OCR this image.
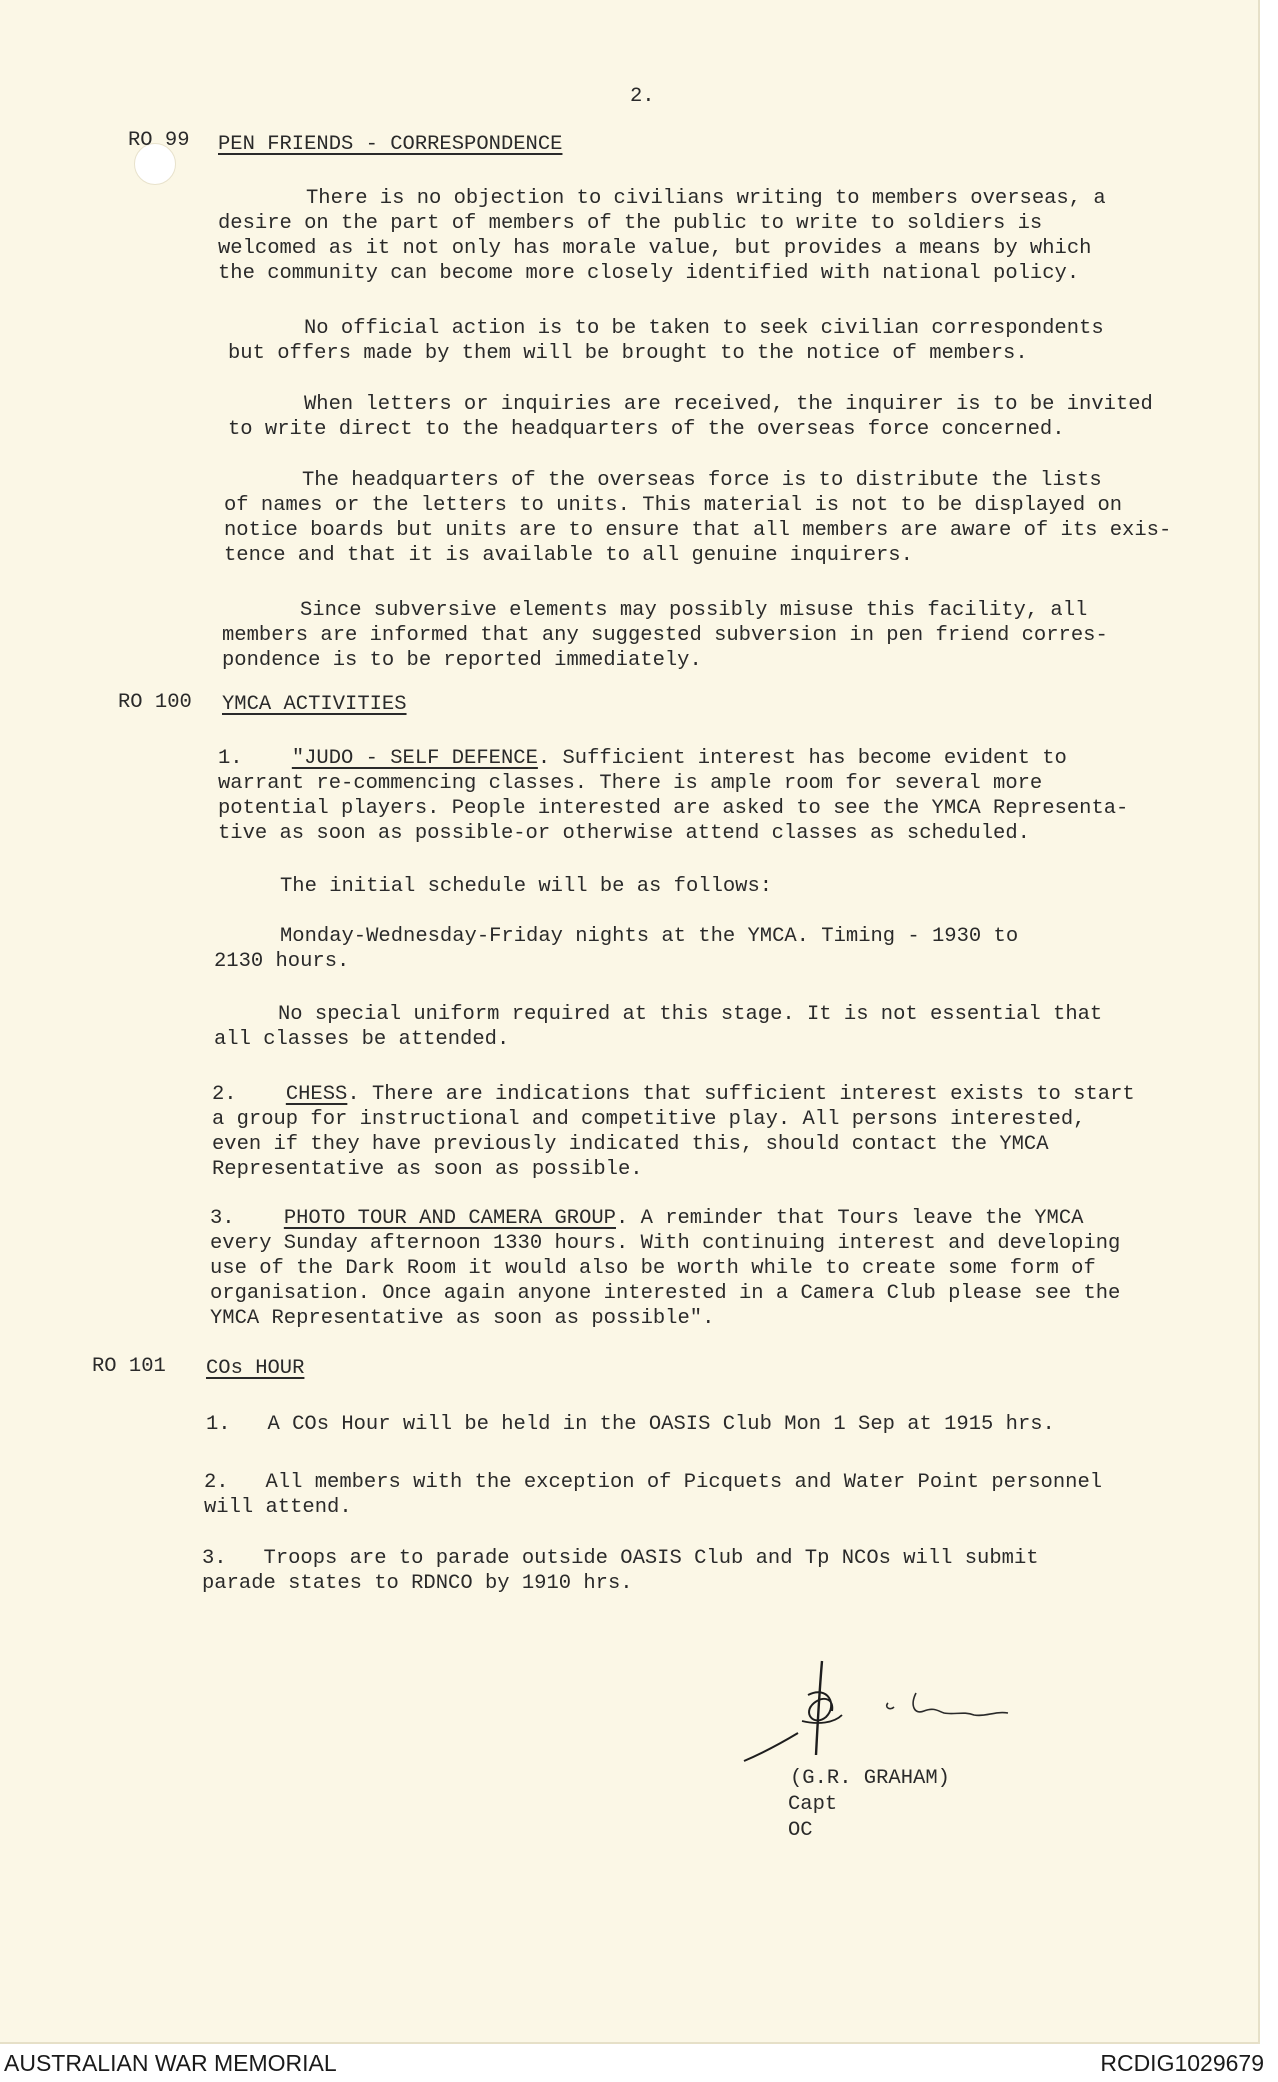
2.
RO 99 PEN FRIENDS - CORRESPONDENCE
There is no objection to civilians writing to members overseas, a
desire on the part of members of the public to write to soldiers is
welcomed as it not only has morale value, but provides a means by which
the community can become more closely identified with national policy.
No official action is to be taken to seek civilian correspondents
but offers made by them will be brought to the notice of members.
When letters or inquiries are received, the inquirer is to be invited
to write direct to the headquarters of the overseas force concerned.
The headquarters of the overseas force is to distribute the lists
of names or the letters to units. This material is not to be displayed on
notice boards but units are to ensure that all members are aware of its exis-
tence and that it is available to all genuine inquirers.
Since subversive elements may possibly misuse this facility, all
members are informed that any suggested subversion in pen friend corres-
pondence is to be reported immediately.
RO 100 YMCA ACTIVITIES
1. "JUDO - SELF DEFENCE. Sufficient interest has become evident to
warrant re-commencing classes. There is ample room for several more
potential players. People interested are asked to see the YMCA Representa-
tive as soon as possible-or otherwise attend classes as scheduled.
The initial schedule will be as follows:
Monday-Wednesday-Friday nights at the YMCA. Timing - 1930 to
2130 hours.
No special uniform required at this stage. It is not essential that
all classes be attended.
2. CHESS. There are indications that sufficient interest exists to start
a group for instructional and competitive play. All persons interested,
even if they have previously indicated this, should contact the YMCA
Representative as soon as possible.
3. PHOTO TOUR AND CAMERA GROUP. A reminder that Tours leave the YMCA
every Sunday afternoon 1330 hours. With continuing interest and developing
use of the Dark Room it would also be worth while to create some form of
organisation. Once again anyone interested in a Camera Club please see the
YMCA Representative as soon as possible".
RO 101 COs HOUR
1. A COs Hour will be held in the OASIS Club Mon 1 Sep at 1915 hrs.
2. All members with the exception of Picquets and Water Point personnel
will attend.
3. Troops are to parade outside OASIS Club and Tp NCOs will submit
parade states to RDNCO by 1910 hrs.
(G.R. GRAHAM)
Capt
OC
AUSTRALIAN WAR MEMORIAL	RCDIG1029679
